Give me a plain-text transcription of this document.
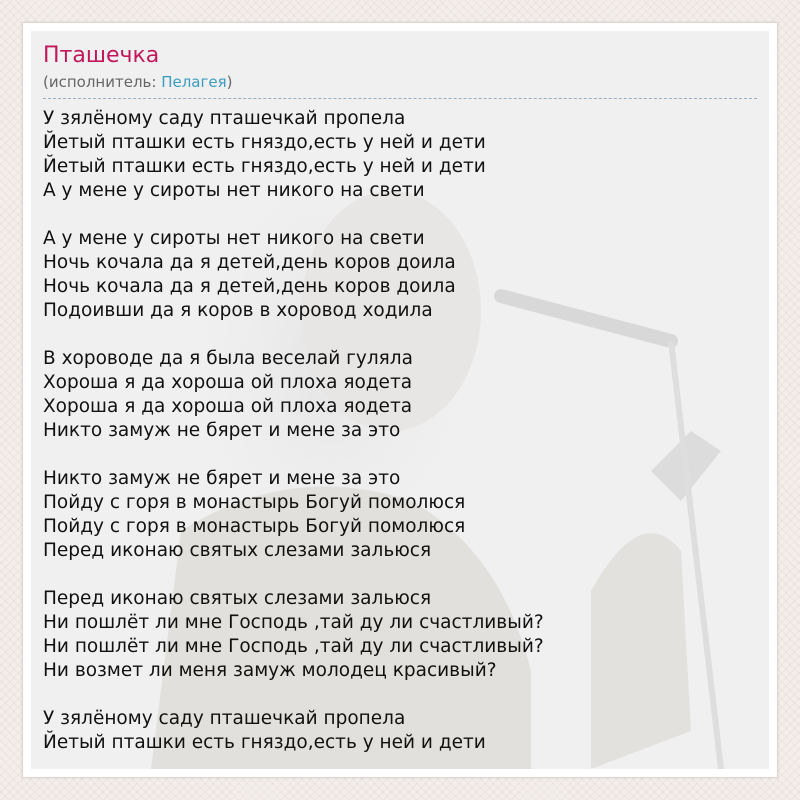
Пташечка
(исполнитель: Пелагея)
У зялёному саду пташечкай пропела
Йетый пташки есть гняздо,есть у ней и дети
Йетый пташки есть гняздо,есть у ней и дети
А у мене у сироты нет никого на свети
А у мене у сироты нет никого на свети
Ночь кочала да я детей,день коров доила
Ночь кочала да я детей,день коров доила
Подоивши да я коров в хоровод ходила
В хороводе да я была веселай гуляла
Хороша я да хороша ой плоха яодета
Хороша я да хороша ой плоха яодета
Никто замуж не бярет и мене за это
Никто замуж не бярет и мене за это
Пойду с горя в монастырь Богуй помолюся
Пойду с горя в монастырь Богуй помолюся
Перед иконаю святых слезами зальюся
Перед иконаю святых слезами зальюся
Ни пошлёт ли мне Господь ,тай ду ли счастливый?
Ни пошлёт ли мне Господь ,тай ду ли счастливый?
Ни возмет ли меня замуж молодец красивый?
У зялёному саду пташечкай пропела
Йетый пташки есть гняздо,есть у ней и дети
